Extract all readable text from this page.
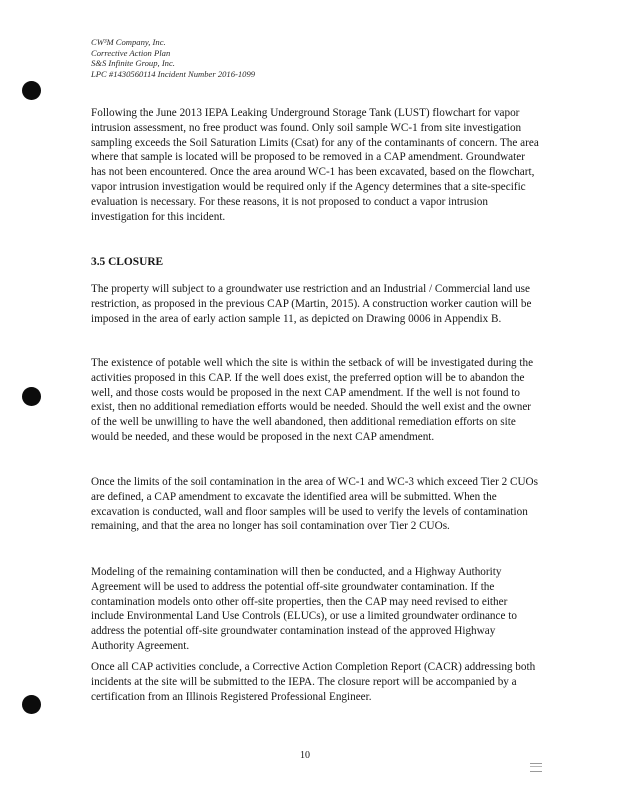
CW³M Company, Inc.
Corrective Action Plan
S&S Infinite Group, Inc.
LPC #1430560114 Incident Number 2016-1099

Following the June 2013 IEPA Leaking Underground Storage Tank (LUST) flowchart for vapor intrusion assessment, no free product was found. Only soil sample WC-1 from site investigation sampling exceeds the Soil Saturation Limits (Csat) for any of the contaminants of concern. The area where that sample is located will be proposed to be removed in a CAP amendment. Groundwater has not been encountered. Once the area around WC-1 has been excavated, based on the flowchart, vapor intrusion investigation would be required only if the Agency determines that a site-specific evaluation is necessary. For these reasons, it is not proposed to conduct a vapor intrusion investigation for this incident.

3.5 CLOSURE

The property will subject to a groundwater use restriction and an Industrial / Commercial land use restriction, as proposed in the previous CAP (Martin, 2015). A construction worker caution will be imposed in the area of early action sample 11, as depicted on Drawing 0006 in Appendix B.

The existence of potable well which the site is within the setback of will be investigated during the activities proposed in this CAP. If the well does exist, the preferred option will be to abandon the well, and those costs would be proposed in the next CAP amendment. If the well is not found to exist, then no additional remediation efforts would be needed. Should the well exist and the owner of the well be unwilling to have the well abandoned, then additional remediation efforts on site would be needed, and these would be proposed in the next CAP amendment.

Once the limits of the soil contamination in the area of WC-1 and WC-3 which exceed Tier 2 CUOs are defined, a CAP amendment to excavate the identified area will be submitted. When the excavation is conducted, wall and floor samples will be used to verify the levels of contamination remaining, and that the area no longer has soil contamination over Tier 2 CUOs.

Modeling of the remaining contamination will then be conducted, and a Highway Authority Agreement will be used to address the potential off-site groundwater contamination. If the contamination models onto other off-site properties, then the CAP may need revised to either include Environmental Land Use Controls (ELUCs), or use a limited groundwater ordinance to address the potential off-site groundwater contamination instead of the approved Highway Authority Agreement.

Once all CAP activities conclude, a Corrective Action Completion Report (CACR) addressing both incidents at the site will be submitted to the IEPA. The closure report will be accompanied by a certification from an Illinois Registered Professional Engineer.

10
